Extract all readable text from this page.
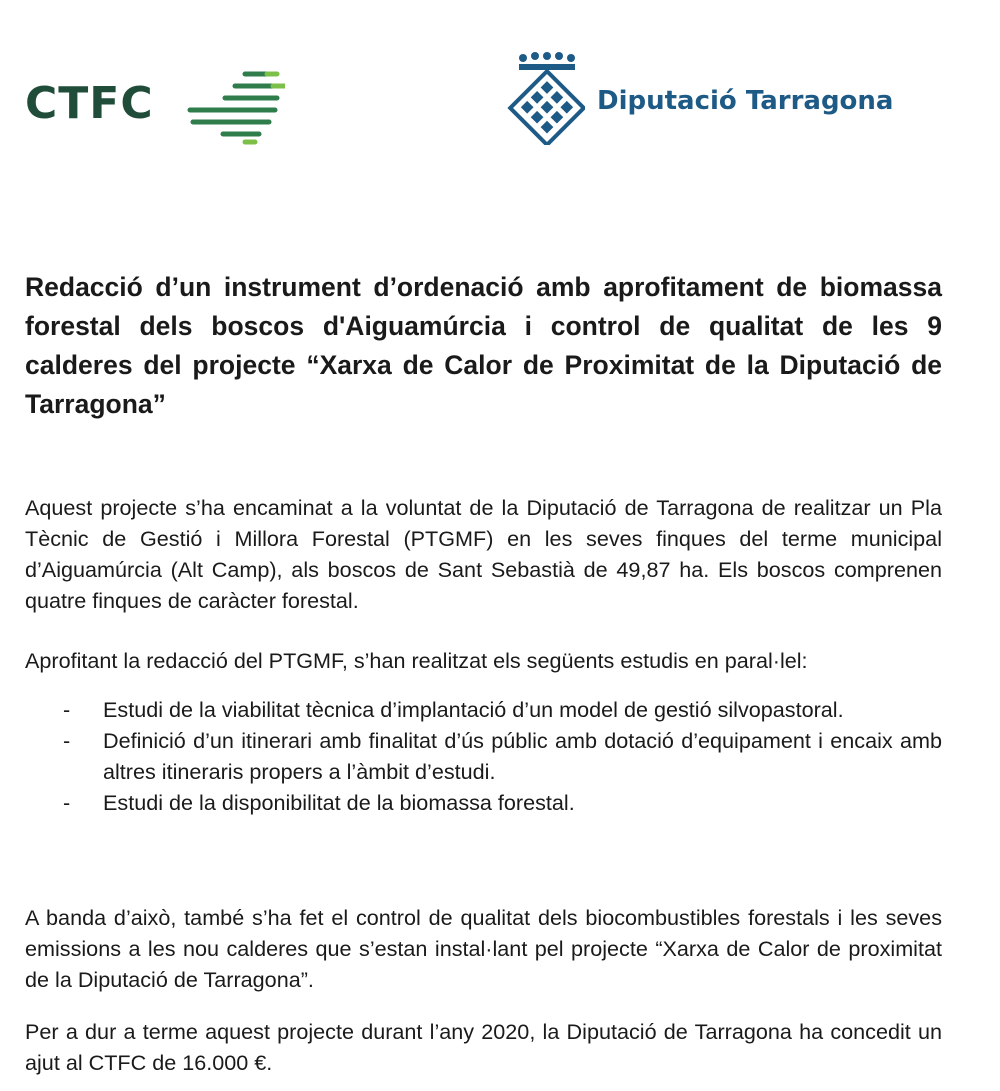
CTFC	Diputació Tarragona
Redacció d’un instrument d’ordenació amb aprofitament de biomassa forestal dels boscos d'Aiguamúrcia i control de qualitat de les 9 calderes del projecte “Xarxa de Calor de Proximitat de la Diputació de Tarragona”

Aquest projecte s’ha encaminat a la voluntat de la Diputació de Tarragona de realitzar un Pla Tècnic de Gestió i Millora Forestal (PTGMF) en les seves finques del terme municipal d’Aiguamúrcia (Alt Camp), als boscos de Sant Sebastià de 49,87 ha. Els boscos comprenen quatre finques de caràcter forestal.

Aprofitant la redacció del PTGMF, s’han realitzat els següents estudis en paral·lel:

- Estudi de la viabilitat tècnica d’implantació d’un model de gestió silvopastoral.
- Definició d’un itinerari amb finalitat d’ús públic amb dotació d’equipament i encaix amb altres itineraris propers a l’àmbit d’estudi.
- Estudi de la disponibilitat de la biomassa forestal.

A banda d’això, també s’ha fet el control de qualitat dels biocombustibles forestals i les seves emissions a les nou calderes que s’estan instal·lant pel projecte “Xarxa de Calor de proximitat de la Diputació de Tarragona”.

Per a dur a terme aquest projecte durant l’any 2020, la Diputació de Tarragona ha concedit un ajut al CTFC de 16.000 €.
